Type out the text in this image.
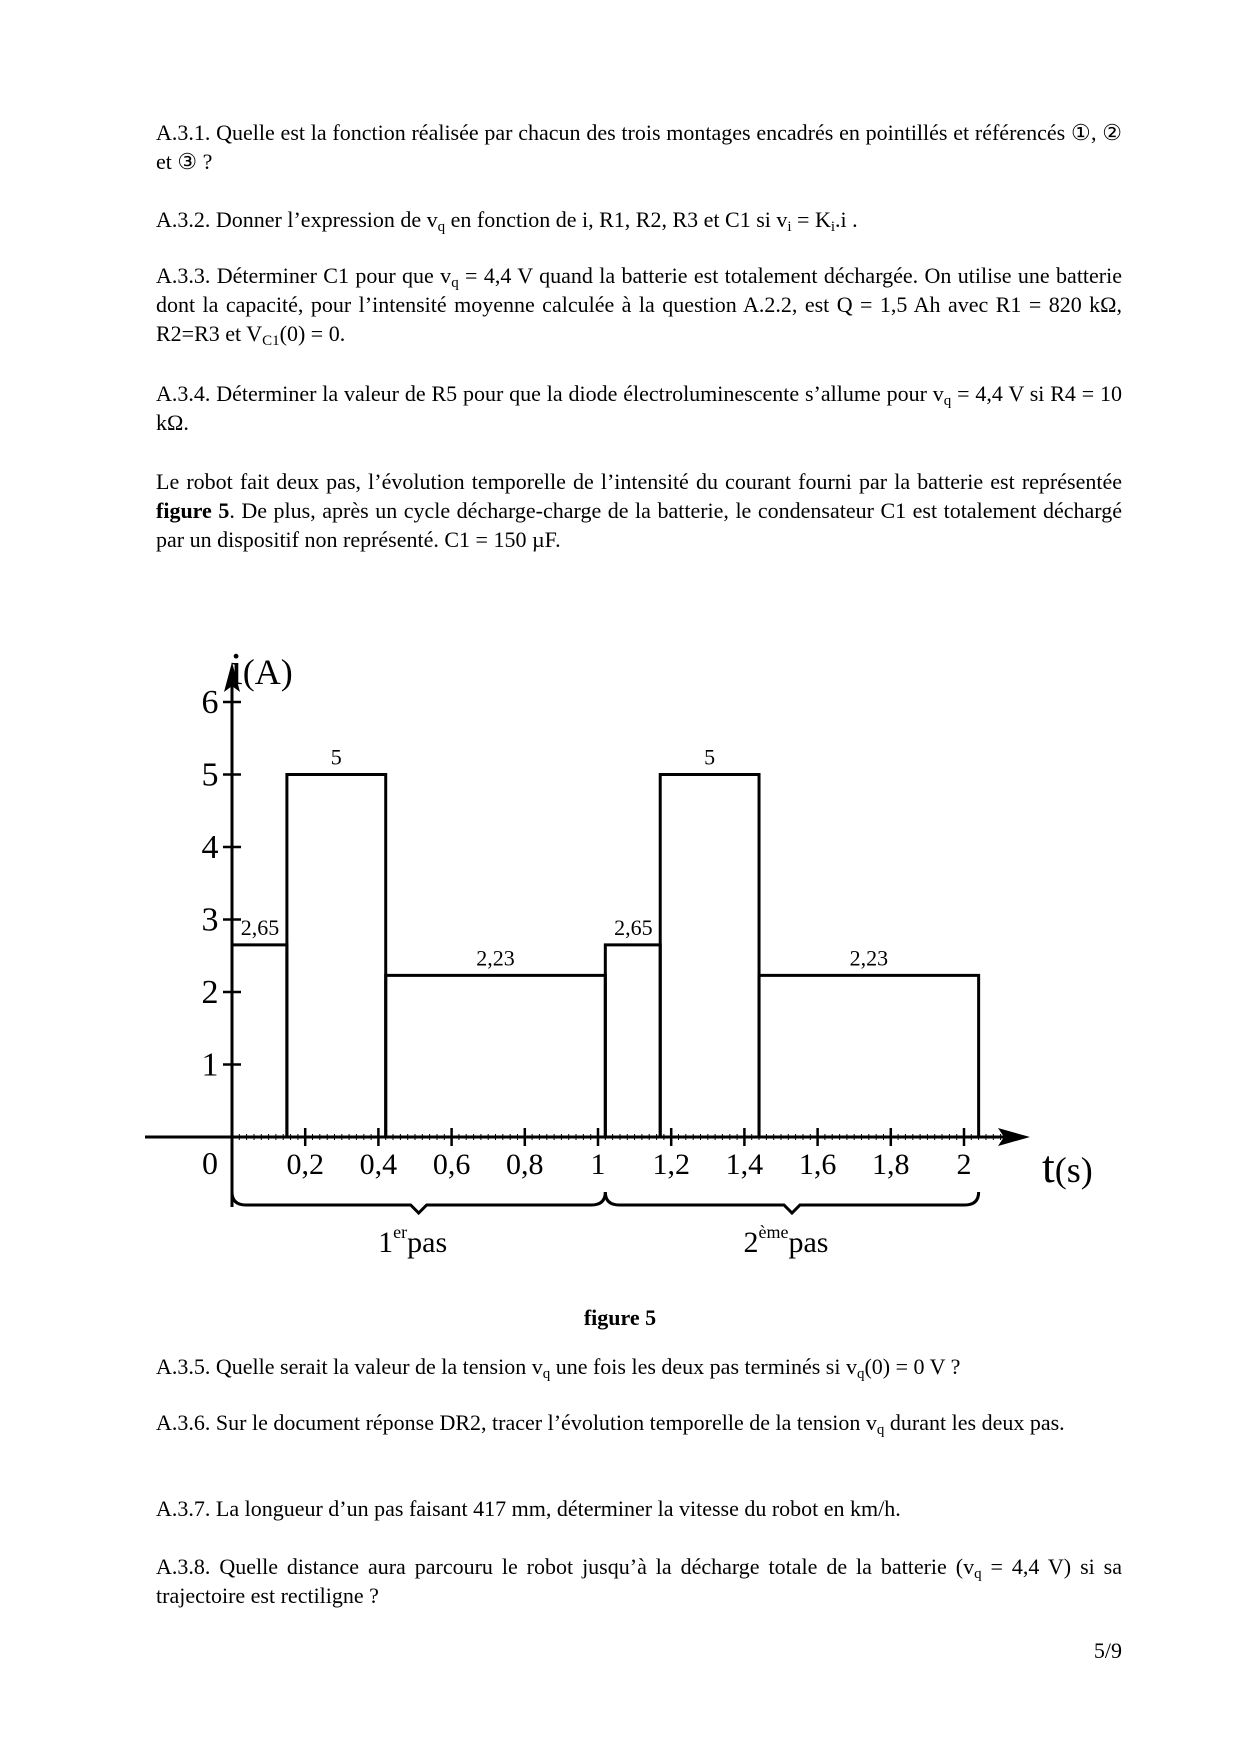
A.3.1. Quelle est la fonction réalisée par chacun des trois montages encadrés en pointillés et référencés ①, ② et ③ ?

A.3.2. Donner l’expression de $v_q$ en fonction de i, R1, R2, R3 et C1 si $v_i = K_i.i$ .

A.3.3. Déterminer C1 pour que $v_q = 4,4$ V quand la batterie est totalement déchargée. On utilise une batterie dont la capacité, pour l’intensité moyenne calculée à la question A.2.2, est Q = 1,5 Ah avec R1 = 820 kΩ, R2=R3 et $V_{C1}(0) = 0$.

A.3.4. Déterminer la valeur de R5 pour que la diode électroluminescente s’allume pour $v_q = 4,4$ V si R4 = 10 kΩ.

Le robot fait deux pas, l’évolution temporelle de l’intensité du courant fourni par la batterie est représentée figure 5. De plus, après un cycle décharge-charge de la batterie, le condensateur C1 est totalement déchargé par un dispositif non représenté. C1 = 150 µF.

0,2 0,4 0,6 0,8 1 1,2 1,4 1,6 1,8 2
1
2
3
4
5
6
0
i(A)
t(s)
2,65
5
2,23
2,65
5
2,23
1erpas	2èmepas
figure 5

A.3.5. Quelle serait la valeur de la tension $v_q$ une fois les deux pas terminés si $v_q(0) = 0$ V ?

A.3.6. Sur le document réponse DR2, tracer l’évolution temporelle de la tension $v_q$ durant les deux pas.

A.3.7. La longueur d’un pas faisant 417 mm, déterminer la vitesse du robot en km/h.

A.3.8. Quelle distance aura parcouru le robot jusqu’à la décharge totale de la batterie ($v_q = 4,4$ V) si sa trajectoire est rectiligne ?

5/9
